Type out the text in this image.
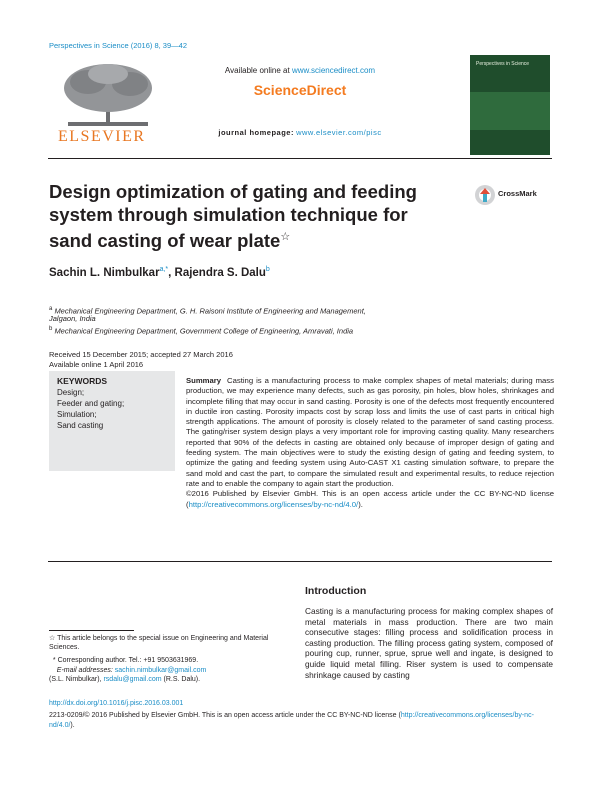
Perspectives in Science (2016) 8, 39—42
ELSEVIER
Available online at www.sciencedirect.com
ScienceDirect
journal homepage: www.elsevier.com/pisc
Perspectives in Science
Design optimization of gating and feeding system through simulation technique for sand casting of wear plate☆
CrossMark
Sachin L. Nimbulkar$^{a,*}$, Rajendra S. Dalu$^b$
$^a$ Mechanical Engineering Department, G. H. Raisoni Institute of Engineering and Management,
Jalgaon, India
$^b$ Mechanical Engineering Department, Government College of Engineering, Amravati, India
Received 15 December 2015; accepted 27 March 2016
Available online 1 April 2016
KEYWORDS
Design;
Feeder and gating;
Simulation;
Sand casting
Summary Casting is a manufacturing process to make complex shapes of metal materials; during mass production, we may experience many defects, such as gas porosity, pin holes, blow holes, shrinkages and incomplete filling that may occur in sand casting. Porosity is one of the defects most frequently encountered in ductile iron casting. Porosity impacts cost by scrap loss and limits the use of cast parts in critical high strength applications. The amount of porosity is closely related to the parameter of sand casting process. The gating/riser system design plays a very important role for improving casting quality. Many researchers reported that 90% of the defects in casting are obtained only because of improper design of gating and feeding system. The main objectives were to study the existing design of gating and feeding system, to optimize the gating and feeding system using Auto-CAST X1 casting simulation software, to prepare the sand mold and cast the part, to compare the simulated result and experimental results, to reduce rejection rate and to enable the company to again start the production.
©2016 Published by Elsevier GmbH. This is an open access article under the CC BY-NC-ND license (http://creativecommons.org/licenses/by-nc-nd/4.0/).
Introduction
Casting is a manufacturing process for making complex shapes of metal materials in mass production. There are two main consecutive stages: filling process and solidification process in casting production. The filling process gating system, composed of pouring cup, runner, sprue, sprue well and ingate, is designed to guide liquid metal filling. Riser system is used to compensate shrinkage caused by casting
☆ This article belongs to the special issue on Engineering and Material Sciences.
* Corresponding author. Tel.: +91 9503631969.
E-mail addresses: sachin.nimbulkar@gmail.com
(S.L. Nimbulkar), rsdalu@gmail.com (R.S. Dalu).
http://dx.doi.org/10.1016/j.pisc.2016.03.001
2213-0209/© 2016 Published by Elsevier GmbH. This is an open access article under the CC BY-NC-ND license (http://creativecommons.org/licenses/by-nc-nd/4.0/).
